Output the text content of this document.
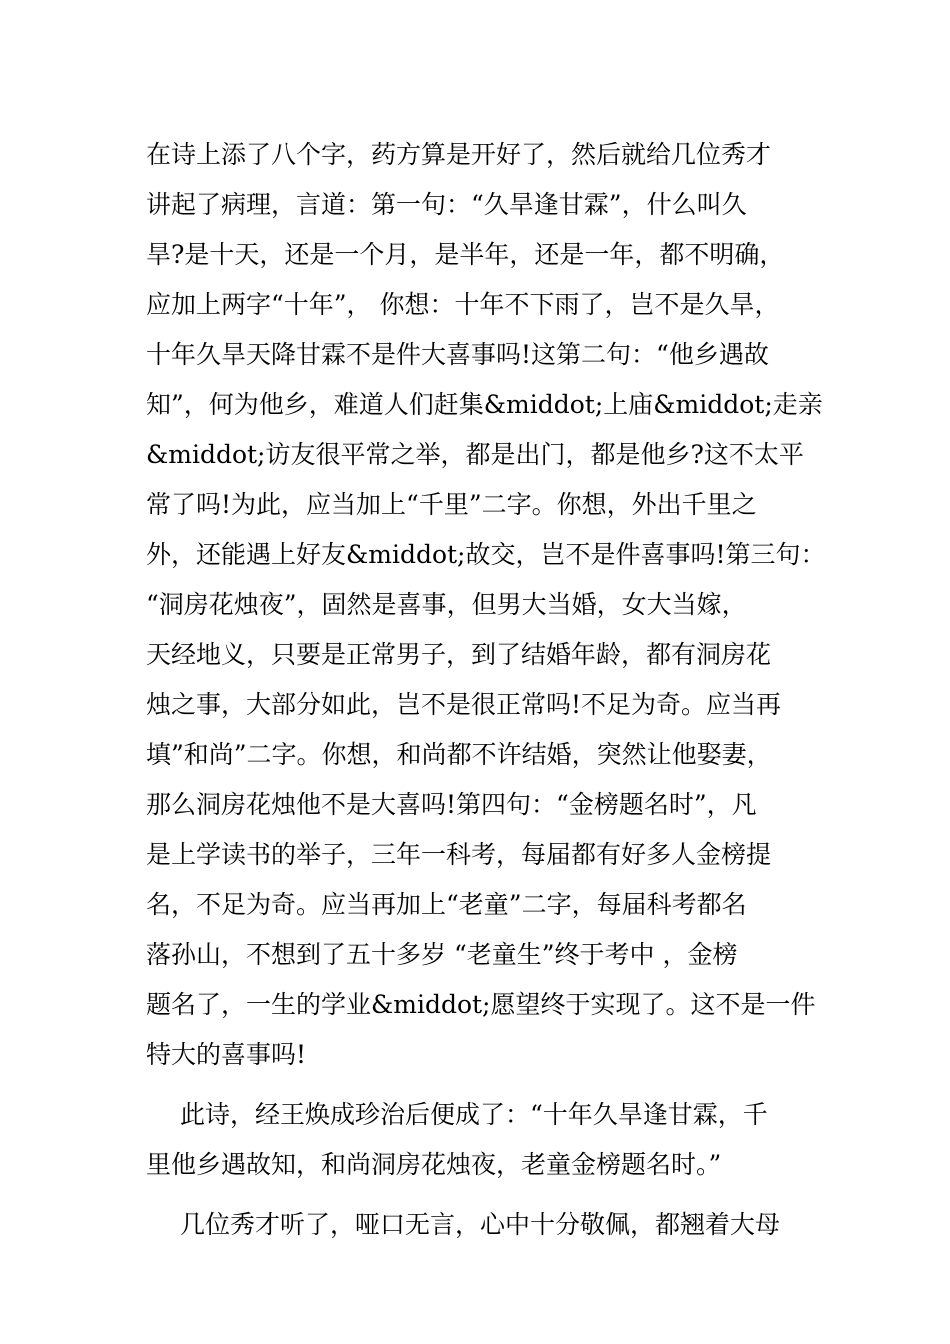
在诗上添了八个字，药方算是开好了，然后就给几位秀才
讲起了病理，言道：第一句：“久旱逢甘霖”，什么叫久
旱?是十天，还是一个月，是半年，还是一年，都不明确，
应加上两字“十年”， 你想：十年不下雨了，岂不是久旱，
十年久旱天降甘霖不是件大喜事吗!这第二句：“他乡遇故
知”，何为他乡，难道人们赶集&middot;上庙&middot;走亲
&middot;访友很平常之举，都是出门，都是他乡?这不太平
常了吗!为此，应当加上“千里”二字。你想，外出千里之
外，还能遇上好友&middot;故交，岂不是件喜事吗!第三句：
“洞房花烛夜”，固然是喜事，但男大当婚，女大当嫁，
天经地义，只要是正常男子，到了结婚年龄，都有洞房花
烛之事，大部分如此，岂不是很正常吗!不足为奇。应当再
填”和尚”二字。你想，和尚都不许结婚，突然让他娶妻，
那么洞房花烛他不是大喜吗!第四句：“金榜题名时”，凡
是上学读书的举子，三年一科考，每届都有好多人金榜提
名，不足为奇。应当再加上“老童”二字，每届科考都名
落孙山，不想到了五十多岁 “老童生”终于考中 ，金榜
题名了，一生的学业&middot;愿望终于实现了。这不是一件
特大的喜事吗!
此诗，经王焕成珍治后便成了：“十年久旱逢甘霖，千
里他乡遇故知，和尚洞房花烛夜，老童金榜题名时。”
几位秀才听了，哑口无言，心中十分敬佩，都翘着大母
